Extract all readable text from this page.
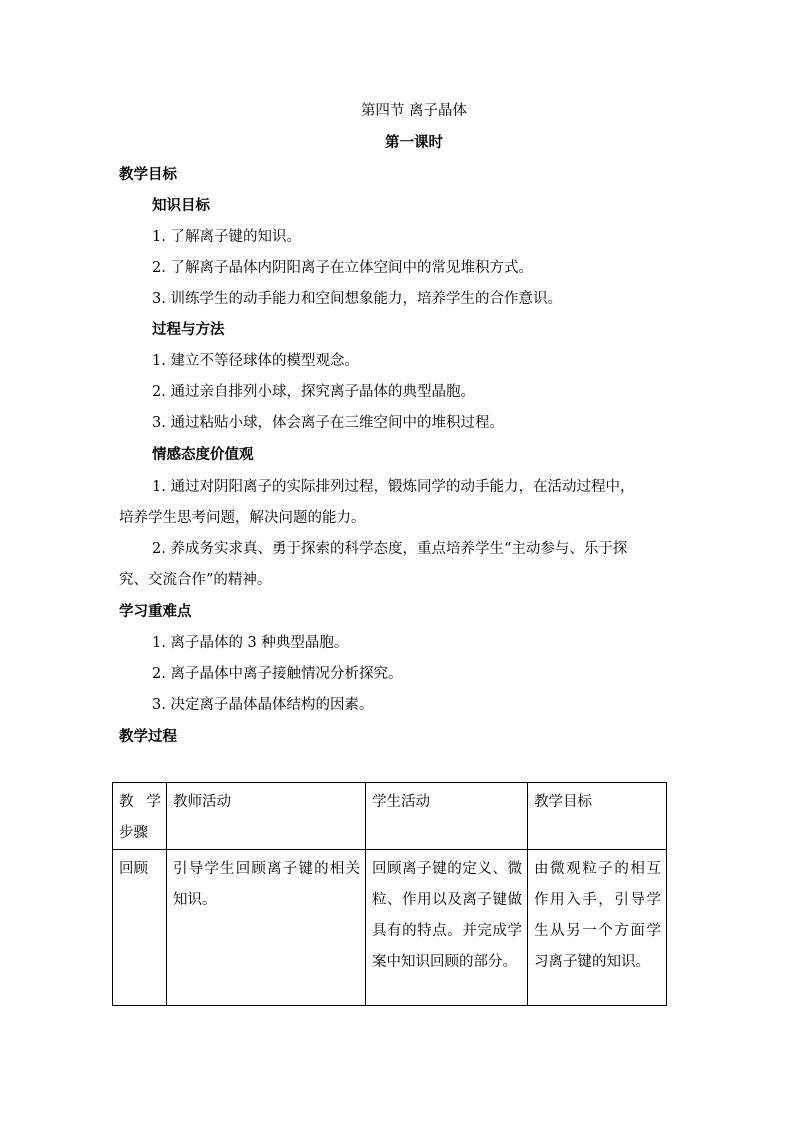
第四节 离子晶体
第一课时
教学目标
知识目标
1. 了解离子键的知识。
2. 了解离子晶体内阴阳离子在立体空间中的常见堆积方式。
3. 训练学生的动手能力和空间想象能力，培养学生的合作意识。
过程与方法
1. 建立不等径球体的模型观念。
2. 通过亲自排列小球，探究离子晶体的典型晶胞。
3. 通过粘贴小球，体会离子在三维空间中的堆积过程。
情感态度价值观
1. 通过对阴阳离子的实际排列过程，锻炼同学的动手能力，在活动过程中，
培养学生思考问题，解决问题的能力。
2. 养成务实求真、勇于探索的科学态度，重点培养学生“主动参与、乐于探
究、交流合作”的精神。
学习重难点
1. 离子晶体的 3 种典型晶胞。
2. 离子晶体中离子接触情况分析探究。
3. 决定离子晶体晶体结构的因素。
教学过程
教学步骤	教师活动	学生活动	教学目标

回顾	引导学生回顾离子键的相关知识。	回顾离子键的定义、微粒、作用以及离子键做具有的特点。并完成学案中知识回顾的部分。	由微观粒子的相互作用入手，引导学生从另一个方面学习离子键的知识。
